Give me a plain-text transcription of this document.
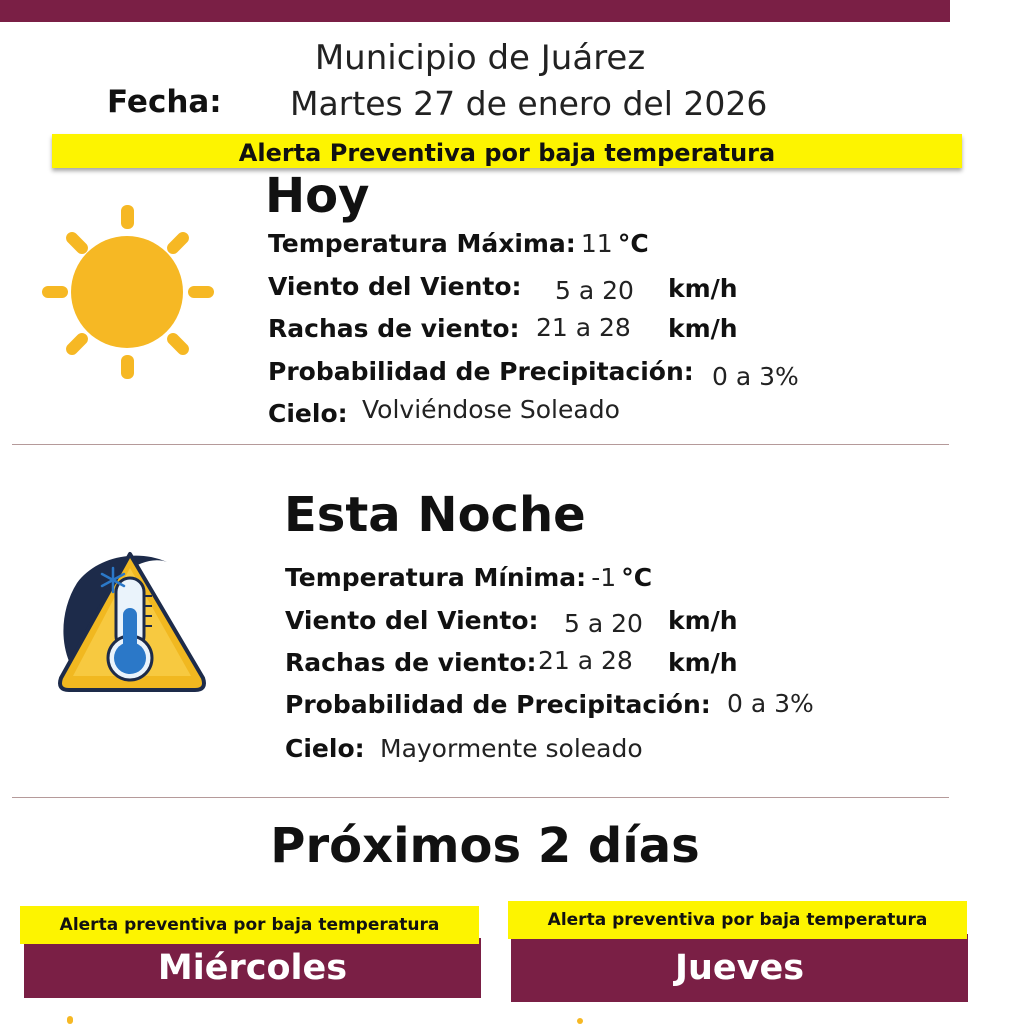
Municipio de Juárez
Fecha: Martes 27 de enero del 2026
Alerta Preventiva por baja temperatura
Hoy
Temperatura Máxima: 11 °C
Viento del Viento: 5 a 20 km/h
Rachas de viento: 21 a 28 km/h
Probabilidad de Precipitación: 0 a 3%
Cielo: Volviéndose Soleado
Esta Noche
Temperatura Mínima: -1 °C
Viento del Viento: 5 a 20 km/h
Rachas de viento: 21 a 28 km/h
Probabilidad de Precipitación: 0 a 3%
Cielo: Mayormente soleado
Próximos 2 días
Miércoles
Alerta preventiva por baja temperatura
Jueves
Alerta preventiva por baja temperatura
